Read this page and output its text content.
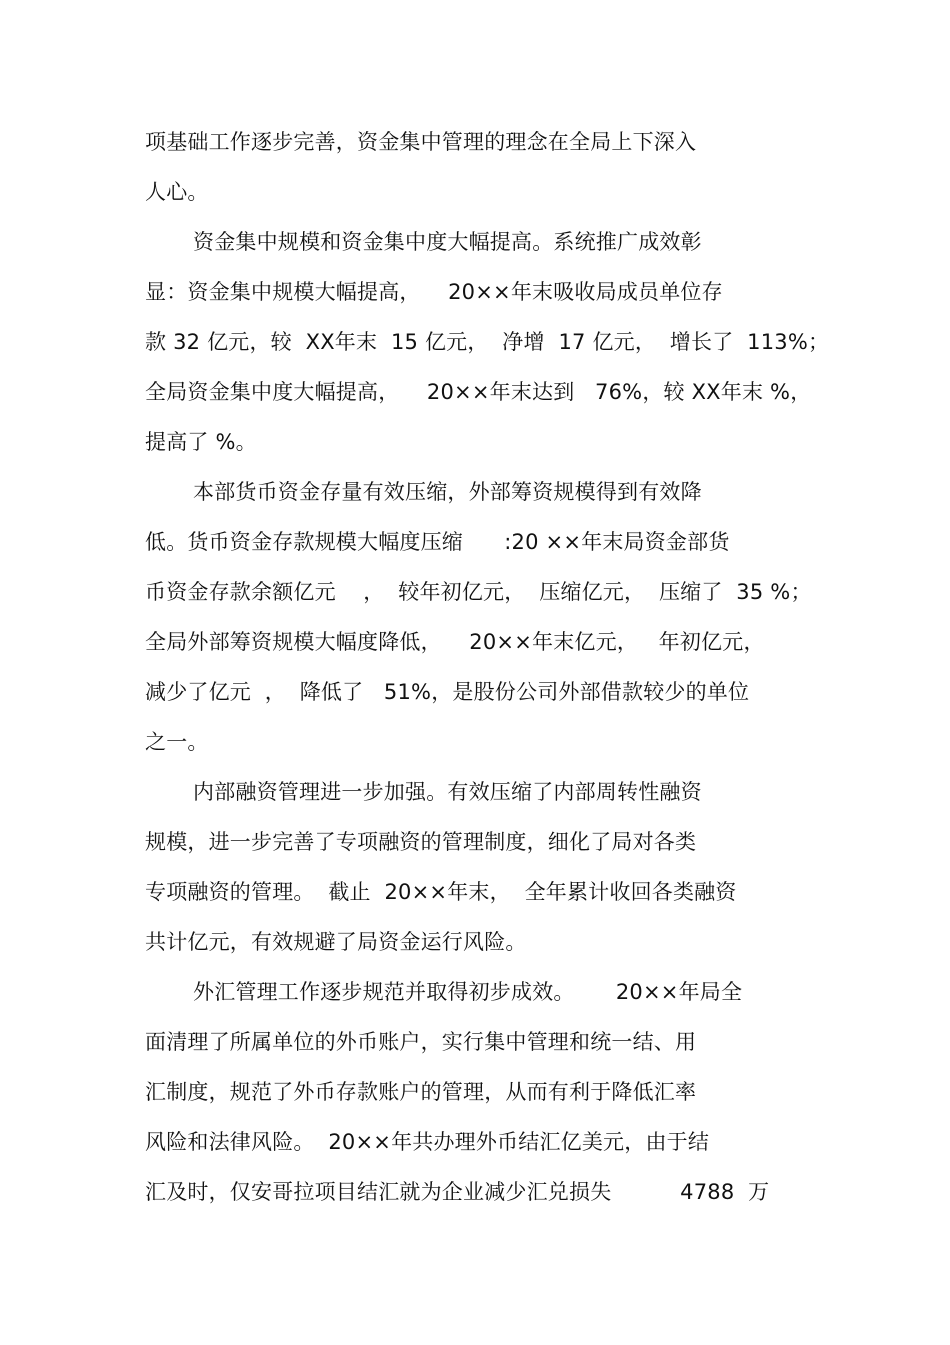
项基础工作逐步完善，资金集中管理的理念在全局上下深入
人心。
资金集中规模和资金集中度大幅提高。系统推广成效彰
显：资金集中规模大幅提高，    20××年末吸收局成员单位存
款 32 亿元，较  XX年末  15 亿元，  净增  17 亿元，  增长了  113%；
全局资金集中度大幅提高，    20××年末达到   76%，较 XX年末 %，
提高了 %。
本部货币资金存量有效压缩，外部筹资规模得到有效降
低。货币资金存款规模大幅度压缩      :20 ××年末局资金部货
币资金存款余额亿元    ，  较年初亿元，  压缩亿元，  压缩了  35 %；
全局外部筹资规模大幅度降低，    20××年末亿元，   年初亿元，
减少了亿元  ，  降低了   51%，是股份公司外部借款较少的单位
之一。
内部融资管理进一步加强。有效压缩了内部周转性融资
规模，进一步完善了专项融资的管理制度，细化了局对各类
专项融资的管理。  截止  20××年末，  全年累计收回各类融资
共计亿元，有效规避了局资金运行风险。
外汇管理工作逐步规范并取得初步成效。      20××年局全
面清理了所属单位的外币账户，实行集中管理和统一结、用
汇制度，规范了外币存款账户的管理，从而有利于降低汇率
风险和法律风险。  20××年共办理外币结汇亿美元，由于结
汇及时，仅安哥拉项目结汇就为企业减少汇兑损失          4788  万
